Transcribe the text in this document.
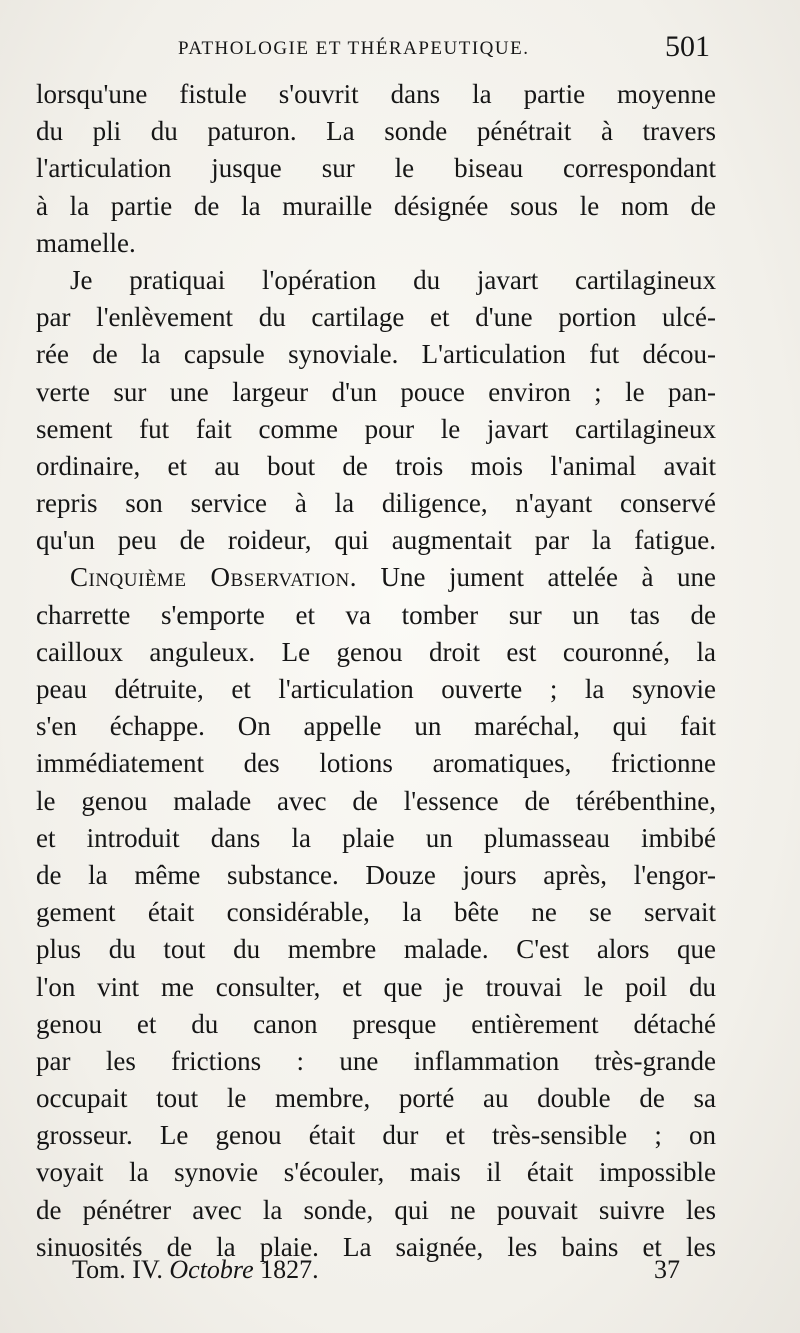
PATHOLOGIE ET THÉRAPEUTIQUE.	501
lorsqu'une fistule s'ouvrit dans la partie moyenne
du pli du paturon. La sonde pénétrait à travers
l'articulation jusque sur le biseau correspondant
à la partie de la muraille désignée sous le nom de
mamelle.
Je pratiquai l'opération du javart cartilagineux
par l'enlèvement du cartilage et d'une portion ulcé-
rée de la capsule synoviale. L'articulation fut décou-
verte sur une largeur d'un pouce environ ; le pan-
sement fut fait comme pour le javart cartilagineux
ordinaire, et au bout de trois mois l'animal avait
repris son service à la diligence, n'ayant conservé
qu'un peu de roideur, qui augmentait par la fatigue.
Cinquième Observation. Une jument attelée à une
charrette s'emporte et va tomber sur un tas de
cailloux anguleux. Le genou droit est couronné, la
peau détruite, et l'articulation ouverte ; la synovie
s'en échappe. On appelle un maréchal, qui fait
immédiatement des lotions aromatiques, frictionne
le genou malade avec de l'essence de térébenthine,
et introduit dans la plaie un plumasseau imbibé
de la même substance. Douze jours après, l'engor-
gement était considérable, la bête ne se servait
plus du tout du membre malade. C'est alors que
l'on vint me consulter, et que je trouvai le poil du
genou et du canon presque entièrement détaché
par les frictions : une inflammation très-grande
occupait tout le membre, porté au double de sa
grosseur. Le genou était dur et très-sensible ; on
voyait la synovie s'écouler, mais il était impossible
de pénétrer avec la sonde, qui ne pouvait suivre les
sinuosités de la plaie. La saignée, les bains et les
Tom. IV. Octobre 1827.	37
